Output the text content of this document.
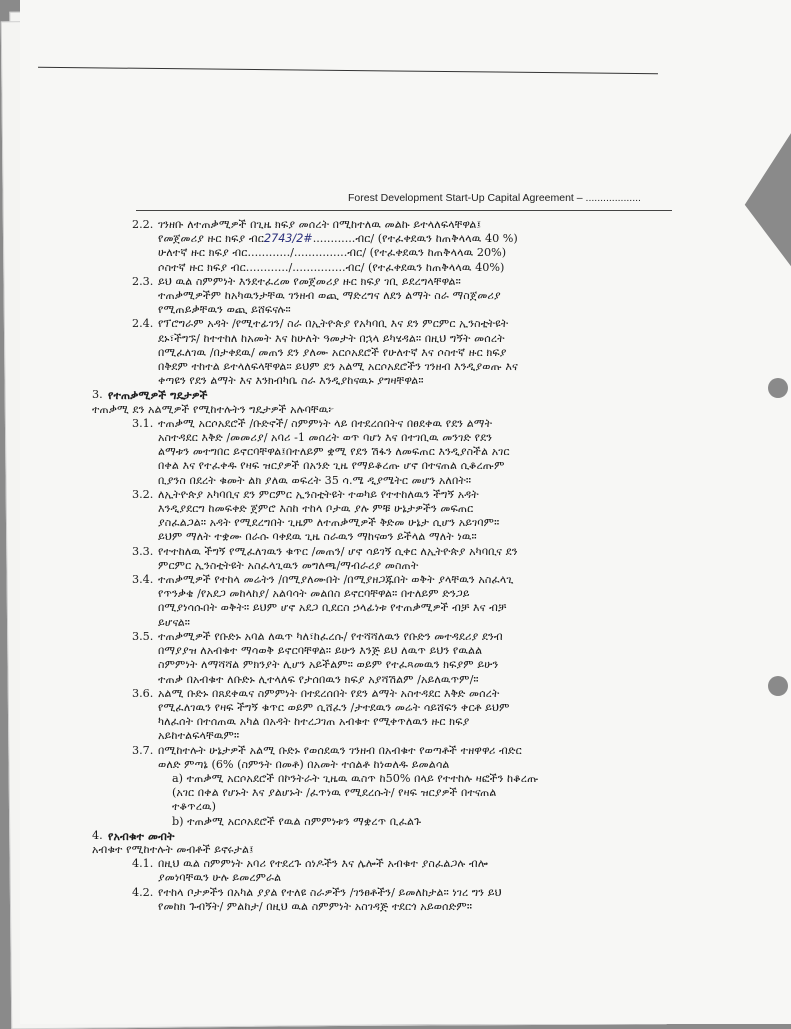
Forest Development Start-Up Capital Agreement – ...................
2.2. ገንዘቡ ለተጠቃሚዎች በጊዜ ክፍያ መሰረት በሚከተለዉ መልኩ ይተላለፍላቸዋል፤
የመጀመሪያ ዙር ክፍያ ብር2743/2#............ብር/ (የተፈቀደዉን ከጠቅላላዉ 40 %)
ሁለተኛ ዙር ክፍያ ብር............/...............ብር/ (የተፈቀደዉን ከጠቅላላዉ 20%)
ሶስተኛ ዙር ክፍያ ብር............/...............ብር/ (የተፈቀደዉን ከጠቅላላዉ 40%)
2.3. ይህ ዉል ስምምነት እንደተፈረመ የመጀመሪያ ዙር ክፍያ ገቢ ይደረግላቸዋል።
ተጠቃሚዎችም ከአካዉንታቸዉ ገንዘብ ወጪ ማድረግና ለደን ልማት ስራ ማስጀመሪያ
የሚጠይቃቸዉን ወጪ ይሸፍናሉ።
2.4. የፕሮግራም አዳት /የሚተፊገን/ ስራ በኢትዮጵያ የአካባቢ እና ደን ምርምር ኢንስቲትዩት
ደኑ፣ችግኙ/ ከተተከለ ከአመት እና ከሁለት ዓመታት በኋላ ይካሄዳል። በዚህ ግኝት መሰረት
በሚፈለገዉ /በታቀደዉ/ መጠን ደን ያለሙ አርሶአደሮች የሁለተኛ እና ሶስተኛ ዙር ክፍያ
በቅደም ተከተል ይተላለፍላቸዋል። ይህም ደን አልሚ አርሶአደሮችን ገንዘብ እንዲያወጡ እና
ቀጣዩን የደን ልማት እና እንክብካቤ ስራ እንዲያከናዉኑ ያግዛቸዋል።
3. የተጠቃሚዎች ግዴታዎች
ተጠቃሚ ደን አልሚዎች የሚከተሉትን ግዴታዎች አሉባቸዉ፦
3.1. ተጠቃሚ አርሶአደሮች /ቡድኖች/ ስምምነት ላይ በተደረሰበትና በፀደቀዉ የደን ልማት
አስተዳደር እቅድ /መመሪያ/ አባሪ -1 መሰረት ወጥ ባሆነ እና በተገቢዉ መንገድ የደን
ልማቱን መተግበር ይኖርባቸዋል፤በተለይም ቋሚ የደን ሽፋን ለመፍጠር እንዲያስችል አገር
በቀል እና የተፈቀዱ የዛፍ ዝርያዎች በአንድ ጊዜ የማይቆረጡ ሆኖ በተናጠል ሲቆረጡም
ቢያንስ በደረት ቁመት ልክ ያለዉ ወፍረት 35 ሳ.ሜ ዲያሜትር መሆን አለበት።
3.2. ለኢትዮጵያ አካባቢና ደን ምርምር ኢንስቲትዩት ተወካይ የተተከለዉን ችግኝ አዳት
እንዲያደርግ ከመፍቀድ ጀምሮ እስከ ተከላ ቦታዉ ያሉ ምቹ ሁኔታዎችን መፍጠር
ያስፈልጋል። አዳት የሚደረግበት ጊዜም ለተጠቃሚዎች ቅድመ ሁኔታ ሲሆን አይገባም።
ይህም ማለት ተቋሙ በራሱ ባቀደዉ ጊዜ ስራዉን ማከናወን ይችላል ማለት ነዉ።
3.3. የተተከለዉ ችግኝ የሚፈለገዉን ቁጥር /መጠን/ ሆኖ ሳይገኝ ሲቀር ለኢትዮጵያ አካባቢና ደን
ምርምር ኢንስቲትዩት አስፈላጊዉን መግለጫ/ማብራሪያ መስጠት
3.4. ተጠቃሚዎች የተከላ መሬትን /በሚያለሙበት /በሚያዘጋጁበት ወቅት ያላቸዉን አስፈላጊ
የጥንቃቄ /የአደጋ መከላከያ/ አልባሳት መልበስ ይኖርባቸዋል። በተለይም ድንጋይ
በሚያነሳሱበት ወቅት። ይህም ሆኖ አደጋ ቢደርስ ኃላፊነቱ የተጠቃሚዎች ብቻ እና ብቻ
ይሆናል።
3.5. ተጠቃሚዎች የቡድኑ አባል ለዉጥ ካለ፣ከፈረሱ/ የተሻሻለዉን የቡድን መተዳደሪያ ደንብ
በማያያዝ ለአብቁተ ማሳወቅ ይኖርባቸዋል። ይሁን እንጅ ይህ ለዉጥ ይህን የዉልል
ስምምነት ለማሻሻል ምክንያት ሊሆን አይችልም። ወይም የተፈጻመዉን ክፍያም ይሁን
ተጠቃ በአብቁተ ለቡድኑ ሊተላለፍ የታሰበዉን ክፍያ አያሻሽልም /አይለዉጥም/።
3.6. አልሚ ቡድኑ በጸደቀዉና ስምምነት በተደረሰበት የደን ልማት አስተዳደር እቅድ መሰረት
የሚፈለገዉን የዛፍ ችግኝ ቁጥር ወይም ሲሸፈን /ታተደዉን መሬት ሳይሸፍን ቀርቶ ይህም
ካለፈሰት በተሰጠዉ አካል በአዳት ከተረጋገጠ አብቁተ የሚቀጥለዉን ዙር ክፍያ
አይከተልፍላቸዉም።
3.7. በሚከተሉት ሁኔታዎች አልሚ ቡድኑ የወሰደዉን ገንዘብ በአብቁተ የወጣቶች ተዘዋዋሪ ብድር
ወለድ ምጣኔ (6% (ስምንት በመቶ) በአመት ተሰልቶ ከነወለዱ ይመልሳል
a) ተጠቃሚ አርሶአደሮች በኮንትራት ጊዜዉ ዉስጥ ከ50% በላይ የተተከሉ ዛፎችን ከቆረጡ
(አገር በቀል የሆኑት እና ያልሆኑት /ፈጥነዉ የሚደረሱት/ የዛፍ ዝርያዎች በተናጠል
ተቆጥረዉ)
b) ተጠቃሚ አርሶአደሮች የዉል ስምምነቱን ማቋረጥ ቢፈልጉ
4. የአብቁተ መብት
አብቁተ የሚከተሉት መብቶች ይኖሩታል፤
4.1. በዚህ ዉል ስምምነት አባሪ የተደረጉ ሰነዶችን እና ሌሎች አብቁተ ያስፈልጋሉ ብሎ
ያመነባቸዉን ሁሉ ይመረምራል
4.2. የተከላ ቦታዎችን በአካል ያያል የተለዩ ስራዎችን /ገንፀቶችን/ ይመለከታል። ነገረ ግን ይህ
የመከክ ጉብኝት/ ምልከታ/ በዚህ ዉል ስምምነት አስገዳጅ ተደርጎ አይወሰድም።
